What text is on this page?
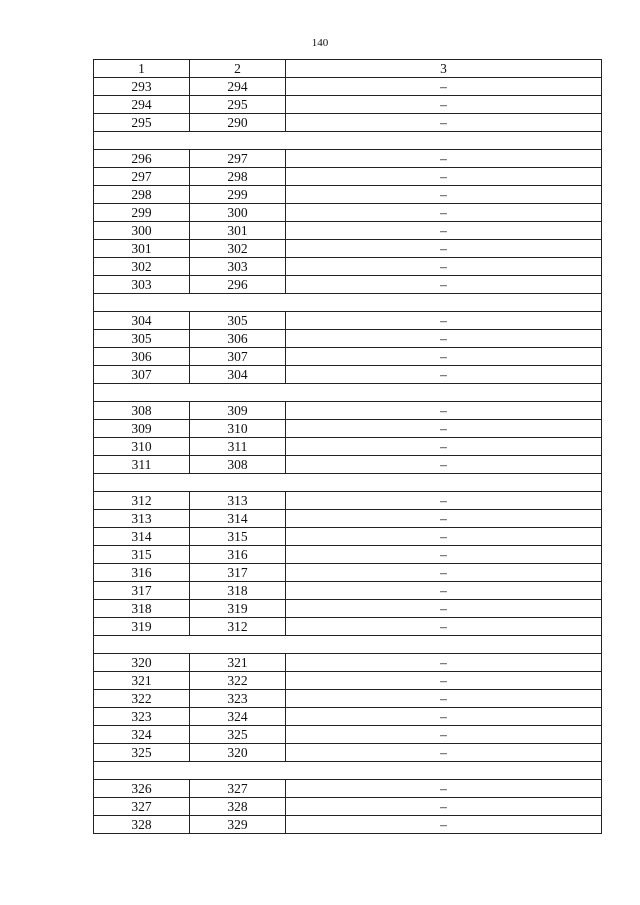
140
1	2	3
293	294	–
294	295	–
295	290	–

296	297	–
297	298	–
298	299	–
299	300	–
300	301	–
301	302	–
302	303	–
303	296	–

304	305	–
305	306	–
306	307	–
307	304	–

308	309	–
309	310	–
310	311	–
311	308	–

312	313	–
313	314	–
314	315	–
315	316	–
316	317	–
317	318	–
318	319	–
319	312	–

320	321	–
321	322	–
322	323	–
323	324	–
324	325	–
325	320	–

326	327	–
327	328	–
328	329	–
